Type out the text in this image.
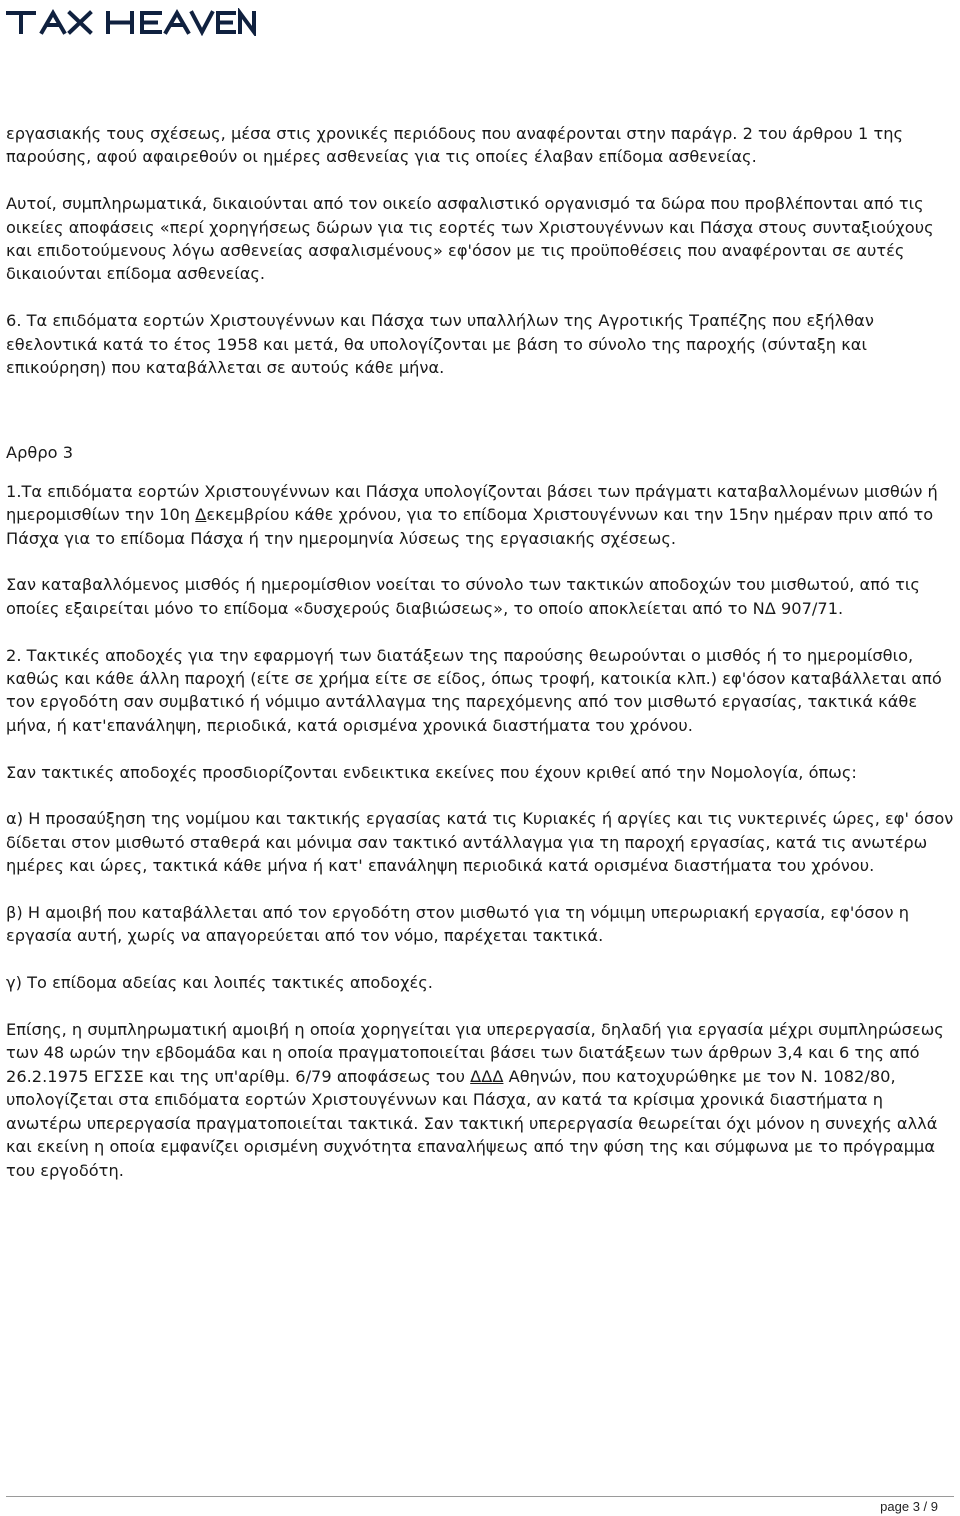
εργασιακής τους σχέσεως, μέσα στις χρονικές περιόδους που αναφέρονται στην παράγρ. 2 του άρθρου 1 της παρούσης, αφού αφαιρεθούν οι ημέρες ασθενείας για τις οποίες έλαβαν επίδομα ασθενείας.

Αυτοί, συμπληρωματικά, δικαιούνται από τον οικείο ασφαλιστικό οργανισμό τα δώρα που προβλέπονται από τις οικείες αποφάσεις «περί χορηγήσεως δώρων για τις εορτές των Χριστουγέννων και Πάσχα στους συνταξιούχους και επιδοτούμενους λόγω ασθενείας ασφαλισμένους» εφ'όσον με τις προϋποθέσεις που αναφέρονται σε αυτές δικαιούνται επίδομα ασθενείας.

6. Τα επιδόματα εορτών Χριστουγέννων και Πάσχα των υπαλλήλων της Αγροτικής Τραπέζης που εξήλθαν εθελοντικά κατά το έτος 1958 και μετά, θα υπολογίζονται με βάση το σύνολο της παροχής (σύνταξη και επικούρηση) που καταβάλλεται σε αυτούς κάθε μήνα.

Αρθρο 3

1.Τα επιδόματα εορτών Χριστουγέννων και Πάσχα υπολογίζονται βάσει των πράγματι καταβαλλομένων μισθών ή ημερομισθίων την 10η Δεκεμβρίου κάθε χρόνου, για το επίδομα Χριστουγέννων και την 15ην ημέραν πριν από το Πάσχα για το επίδομα Πάσχα ή την ημερομηνία λύσεως της εργασιακής σχέσεως.

Σαν καταβαλλόμενος μισθός ή ημερομίσθιον νοείται το σύνολο των τακτικών αποδοχών του μισθωτού, από τις οποίες εξαιρείται μόνο το επίδομα «δυσχερούς διαβιώσεως», το οποίο αποκλείεται από το ΝΔ 907/71.

2. Τακτικές αποδοχές για την εφαρμογή των διατάξεων της παρούσης θεωρούνται ο μισθός ή το ημερομίσθιο, καθώς και κάθε άλλη παροχή (είτε σε χρήμα είτε σε είδος, όπως τροφή, κατοικία κλπ.) εφ'όσον καταβάλλεται από τον εργοδότη σαν συμβατικό ή νόμιμο αντάλλαγμα της παρεχόμενης από τον μισθωτό εργασίας, τακτικά κάθε μήνα, ή κατ'επανάληψη, περιοδικά, κατά ορισμένα χρονικά διαστήματα του χρόνου.

Σαν τακτικές αποδοχές προσδιορίζονται ενδεικτικα εκείνες που έχουν κριθεί από την Νομολογία, όπως:

α) Η προσαύξηση της νομίμου και τακτικής εργασίας κατά τις Κυριακές ή αργίες και τις νυκτερινές ώρες, εφ' όσον δίδεται στον μισθωτό σταθερά και μόνιμα σαν τακτικό αντάλλαγμα για τη παροχή εργασίας, κατά τις ανωτέρω ημέρες και ώρες, τακτικά κάθε μήνα ή κατ' επανάληψη περιοδικά κατά ορισμένα διαστήματα του χρόνου.

β) Η αμοιβή που καταβάλλεται από τον εργοδότη στον μισθωτό για τη νόμιμη υπερωριακή εργασία, εφ'όσον η εργασία αυτή, χωρίς να απαγορεύεται από τον νόμο, παρέχεται τακτικά.

γ) Το επίδομα αδείας και λοιπές τακτικές αποδοχές.

Επίσης, η συμπληρωματική αμοιβή η οποία χορηγείται για υπερεργασία, δηλαδή για εργασία μέχρι συμπληρώσεως των 48 ωρών την εβδομάδα και η οποία πραγματοποιείται βάσει των διατάξεων των άρθρων 3,4 και 6 της από 26.2.1975 ΕΓΣΣΕ και της υπ'αρίθμ. 6/79 αποφάσεως του ΔΔΔ Αθηνών, που κατοχυρώθηκε με τον Ν. 1082/80, υπολογίζεται στα επιδόματα εορτών Χριστουγέννων και Πάσχα, αν κατά τα κρίσιμα χρονικά διαστήματα η ανωτέρω υπερεργασία πραγματοποιείται τακτικά. Σαν τακτική υπερεργασία θεωρείται όχι μόνον η συνεχής αλλά και εκείνη η οποία εμφανίζει ορισμένη συχνότητα επαναλήψεως από την φύση της και σύμφωνα με το πρόγραμμα του εργοδότη.

page 3 / 9
